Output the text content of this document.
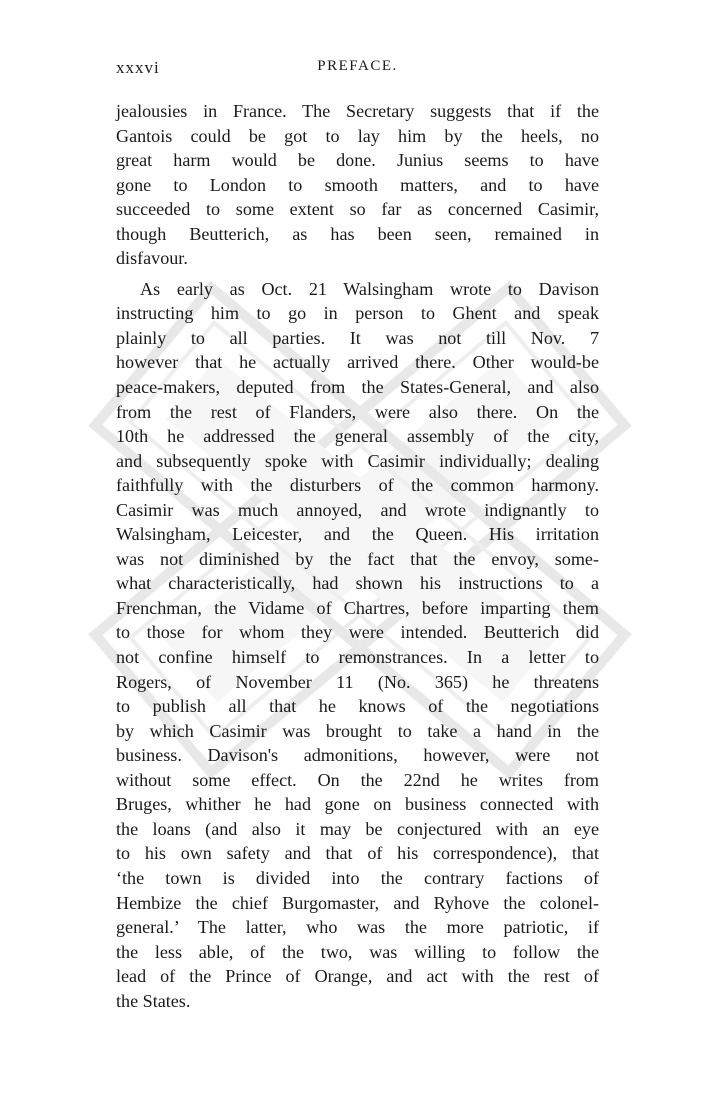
xxxvi	PREFACE.
jealousies in France. The Secretary suggests that if the
Gantois could be got to lay him by the heels, no
great harm would be done. Junius seems to have
gone to London to smooth matters, and to have
succeeded to some extent so far as concerned Casimir,
though Beutterich, as has been seen, remained in
disfavour.
As early as Oct. 21 Walsingham wrote to Davison
instructing him to go in person to Ghent and speak
plainly to all parties. It was not till Nov. 7
however that he actually arrived there. Other would-be
peace-makers, deputed from the States-General, and also
from the rest of Flanders, were also there. On the
10th he addressed the general assembly of the city,
and subsequently spoke with Casimir individually; dealing
faithfully with the disturbers of the common harmony.
Casimir was much annoyed, and wrote indignantly to
Walsingham, Leicester, and the Queen. His irritation
was not diminished by the fact that the envoy, some-
what characteristically, had shown his instructions to a
Frenchman, the Vidame of Chartres, before imparting them
to those for whom they were intended. Beutterich did
not confine himself to remonstrances. In a letter to
Rogers, of November 11 (No. 365) he threatens
to publish all that he knows of the negotiations
by which Casimir was brought to take a hand in the
business. Davison's admonitions, however, were not
without some effect. On the 22nd he writes from
Bruges, whither he had gone on business connected with
the loans (and also it may be conjectured with an eye
to his own safety and that of his correspondence), that
‘the town is divided into the contrary factions of
Hembize the chief Burgomaster, and Ryhove the colonel-
general.’ The latter, who was the more patriotic, if
the less able, of the two, was willing to follow the
lead of the Prince of Orange, and act with the rest of
the States.
